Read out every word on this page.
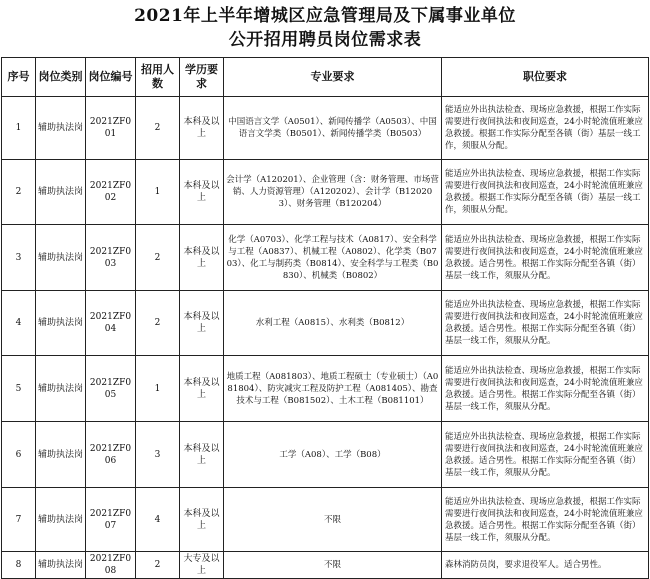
2021年上半年增城区应急管理局及下属事业单位
公开招用聘员岗位需求表
序号	岗位类别	岗位编号	招用人数	学历要求	专业要求	职位要求
1	辅助执法岗	2021ZF001	2	本科及以上	中国语言文学（A0501）、新闻传播学（A0503）、中国语言文学类（B0501）、新闻传播学类（B0503）	能适应外出执法检查、现场应急救援，根据工作实际需要进行夜间执法和夜间巡查，24小时轮流值班兼应急救援。根据工作实际分配至各镇（街）基层一线工作，须服从分配。
2	辅助执法岗	2021ZF002	1	本科及以上	会计学（A120201）、企业管理（含：财务管理、市场营销、人力资源管理）（A120202）、会计学（B120203）、财务管理（B120204）	能适应外出执法检查、现场应急救援，根据工作实际需要进行夜间执法和夜间巡查，24小时轮流值班兼应急救援。根据工作实际分配至各镇（街）基层一线工作，须服从分配。
3	辅助执法岗	2021ZF003	2	本科及以上	化学（A0703）、化学工程与技术（A0817）、安全科学与工程（A0837）、机械工程（A0802）、化学类（B0703）、化工与制药类（B0814）、安全科学与工程类（B0830）、机械类（B0802）	能适应外出执法检查、现场应急救援，根据工作实际需要进行夜间执法和夜间巡查，24小时轮流值班兼应急救援。适合男性。根据工作实际分配至各镇（街）基层一线工作，须服从分配。
4	辅助执法岗	2021ZF004	2	本科及以上	水利工程（A0815）、水利类（B0812）	能适应外出执法检查、现场应急救援，根据工作实际需要进行夜间执法和夜间巡查，24小时轮流值班兼应急救援。适合男性。根据工作实际分配至各镇（街）基层一线工作，须服从分配。
5	辅助执法岗	2021ZF005	1	本科及以上	地质工程（A081803）、地质工程硕士（专业硕士）（A081804）、防灾减灾工程及防护工程（A081405）、勘查技术与工程（B081502）、土木工程（B081101）	能适应外出执法检查、现场应急救援，根据工作实际需要进行夜间执法和夜间巡查，24小时轮流值班兼应急救援。适合男性。根据工作实际分配至各镇（街）基层一线工作，须服从分配。
6	辅助执法岗	2021ZF006	3	本科及以上	工学（A08）、工学（B08）	能适应外出执法检查、现场应急救援，根据工作实际需要进行夜间执法和夜间巡查，24小时轮流值班兼应急救援。适合男性。根据工作实际分配至各镇（街）基层一线工作，须服从分配。
7	辅助执法岗	2021ZF007	4	本科及以上	不限	能适应外出执法检查、现场应急救援，根据工作实际需要进行夜间执法和夜间巡查，24小时轮流值班兼应急救援。适合男性。根据工作实际分配至各镇（街）基层一线工作，须服从分配。
8	辅助执法岗	2021ZF008	2	大专及以上	不限	森林消防员岗，要求退役军人。适合男性。
